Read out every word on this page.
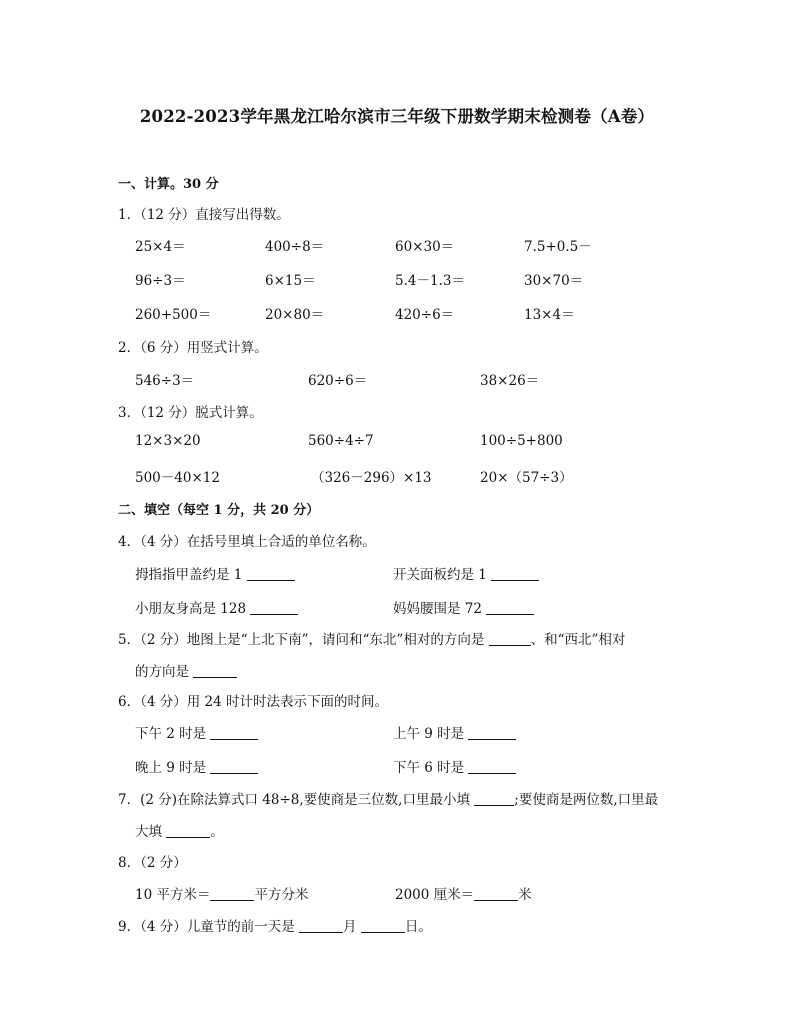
2022-2023学年黑龙江哈尔滨市三年级下册数学期末检测卷（A卷）
一、计算。30 分
1．（12 分）直接写出得数。
25×4＝	400÷8＝	60×30＝	7.5+0.5－
96÷3＝	6×15＝	5.4－1.3＝	30×70＝
260+500＝	20×80＝	420÷6＝	13×4＝
2．（6 分）用竖式计算。
546÷3＝	620÷6＝	38×26＝
3．（12 分）脱式计算。
12×3×20	560÷4÷7	100÷5+800
500－40×12	（326－296）×13	20×（57÷3）
二、填空（每空 1 分，共 20 分）
4．（4 分）在括号里填上合适的单位名称。
拇指指甲盖约是 1	开关面板约是 1
小朋友身高是 128	妈妈腰围是 72
5．（2 分）地图上是“上北下南”，请问和“东北”相对的方向是	、和“西北”相对
的方向是
6．（4 分）用 24 时计时法表示下面的时间。
下午 2 时是	上午 9 时是
晚上 9 时是	下午 6 时是
7．(2 分)在除法算式口 48÷8,要使商是三位数,口里最小填	;要使商是两位数,口里最
大填	。
8．（2 分）
10 平方米＝	平方分米	2000 厘米＝	米
9．（4 分）儿童节的前一天是	月	日。
